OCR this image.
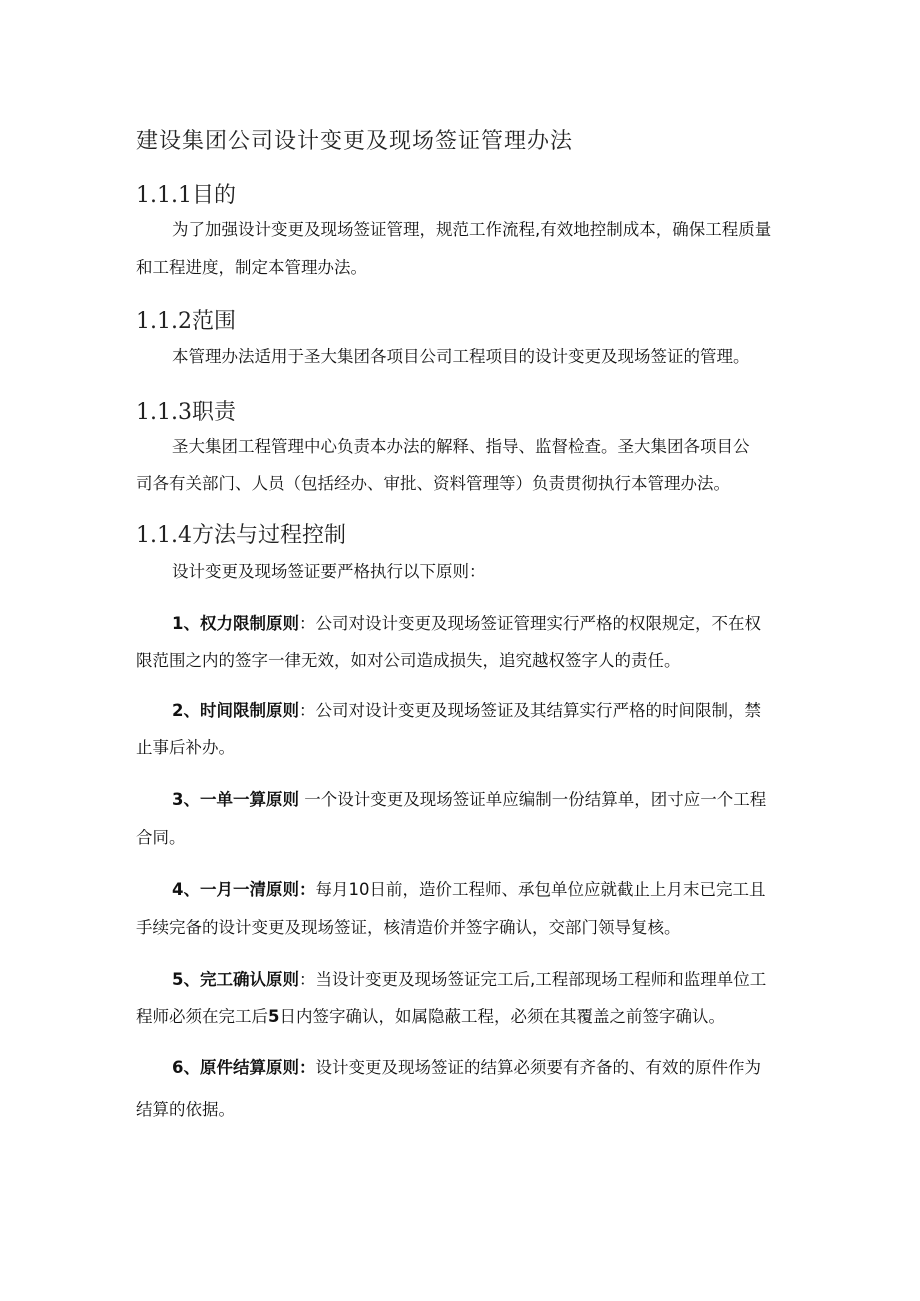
建设集团公司设计变更及现场签证管理办法
1.1.1目的
为了加强设计变更及现场签证管理，规范工作流程,有效地控制成本，确保工程质量
和工程进度，制定本管理办法。
1.1.2范围
本管理办法适用于圣大集团各项目公司工程项目的设计变更及现场签证的管理。
1.1.3职责
圣大集团工程管理中心负责本办法的解释、指导、监督检查。圣大集团各项目公
司各有关部门、人员（包括经办、审批、资料管理等）负责贯彻执行本管理办法。
1.1.4方法与过程控制
设计变更及现场签证要严格执行以下原则：
1、权力限制原则：公司对设计变更及现场签证管理实行严格的权限规定，不在权
限范围之内的签字一律无效，如对公司造成损失，追究越权签字人的责任。
2、时间限制原则：公司对设计变更及现场签证及其结算实行严格的时间限制，禁
止事后补办。
3、一单一算原则 一个设计变更及现场签证单应编制一份结算单，团寸应一个工程
合同。
4、一月一清原则：每月10日前，造价工程师、承包单位应就截止上月末已完工且
手续完备的设计变更及现场签证，核清造价并签字确认，交部门领导复核。
5、完工确认原则：当设计变更及现场签证完工后,工程部现场工程师和监理单位工
程师必须在完工后5日内签字确认，如属隐蔽工程，必须在其覆盖之前签字确认。
6、原件结算原则：设计变更及现场签证的结算必须要有齐备的、有效的原件作为
结算的依据。
